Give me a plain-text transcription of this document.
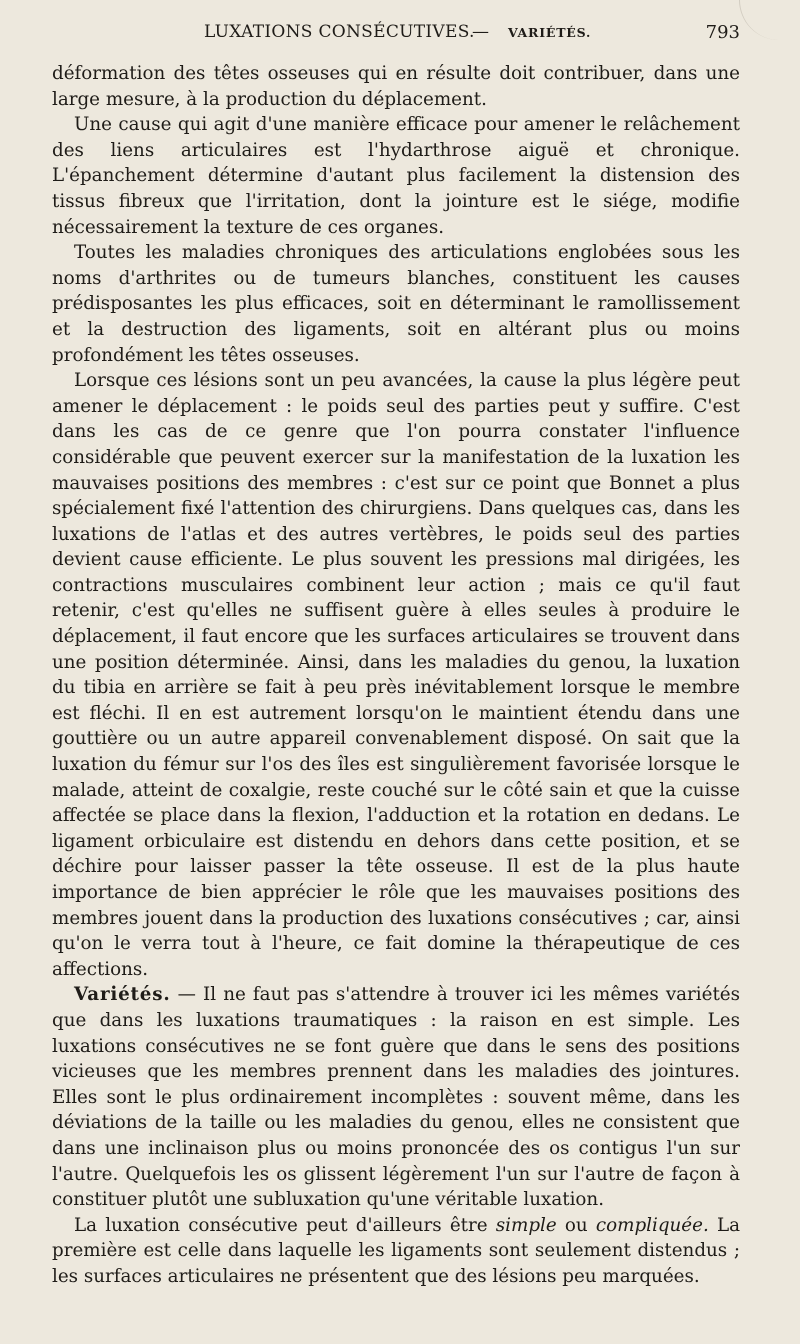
LUXATIONS CONSÉCUTIVES.
— VARIÉTÉS.	793

déformation des têtes osseuses qui en résulte doit contribuer, dans une large mesure, à la production du déplacement.

Une cause qui agit d'une manière efficace pour amener le relâchement des liens articulaires est l'hydarthrose aiguë et chronique. L'épanchement détermine d'autant plus facilement la distension des tissus fibreux que l'irritation, dont la jointure est le siége, modifie nécessairement la texture de ces organes.

Toutes les maladies chroniques des articulations englobées sous les noms d'arthrites ou de tumeurs blanches, constituent les causes prédisposantes les plus efficaces, soit en déterminant le ramollissement et la destruction des ligaments, soit en altérant plus ou moins profondément les têtes osseuses.

Lorsque ces lésions sont un peu avancées, la cause la plus légère peut amener le déplacement : le poids seul des parties peut y suffire. C'est dans les cas de ce genre que l'on pourra constater l'influence considérable que peuvent exercer sur la manifestation de la luxation les mauvaises positions des membres : c'est sur ce point que Bonnet a plus spécialement fixé l'attention des chirurgiens. Dans quelques cas, dans les luxations de l'atlas et des autres vertèbres, le poids seul des parties devient cause efficiente. Le plus souvent les pressions mal dirigées, les contractions musculaires combinent leur action ; mais ce qu'il faut retenir, c'est qu'elles ne suffisent guère à elles seules à produire le déplacement, il faut encore que les surfaces articulaires se trouvent dans une position déterminée. Ainsi, dans les maladies du genou, la luxation du tibia en arrière se fait à peu près inévitablement lorsque le membre est fléchi. Il en est autrement lorsqu'on le maintient étendu dans une gouttière ou un autre appareil convenablement disposé. On sait que la luxation du fémur sur l'os des îles est singulièrement favorisée lorsque le malade, atteint de coxalgie, reste couché sur le côté sain et que la cuisse affectée se place dans la flexion, l'adduction et la rotation en dedans. Le ligament orbiculaire est distendu en dehors dans cette position, et se déchire pour laisser passer la tête osseuse. Il est de la plus haute importance de bien apprécier le rôle que les mauvaises positions des membres jouent dans la production des luxations consécutives ; car, ainsi qu'on le verra tout à l'heure, ce fait domine la thérapeutique de ces affections.

Variétés. — Il ne faut pas s'attendre à trouver ici les mêmes variétés que dans les luxations traumatiques : la raison en est simple. Les luxations consécutives ne se font guère que dans le sens des positions vicieuses que les membres prennent dans les maladies des jointures. Elles sont le plus ordinairement incomplètes : souvent même, dans les déviations de la taille ou les maladies du genou, elles ne consistent que dans une inclinaison plus ou moins prononcée des os contigus l'un sur l'autre. Quelquefois les os glissent légèrement l'un sur l'autre de façon à constituer plutôt une subluxation qu'une véritable luxation.

La luxation consécutive peut d'ailleurs être simple ou compliquée. La première est celle dans laquelle les ligaments sont seulement distendus ; les surfaces articulaires ne présentent que des lésions peu marquées.
